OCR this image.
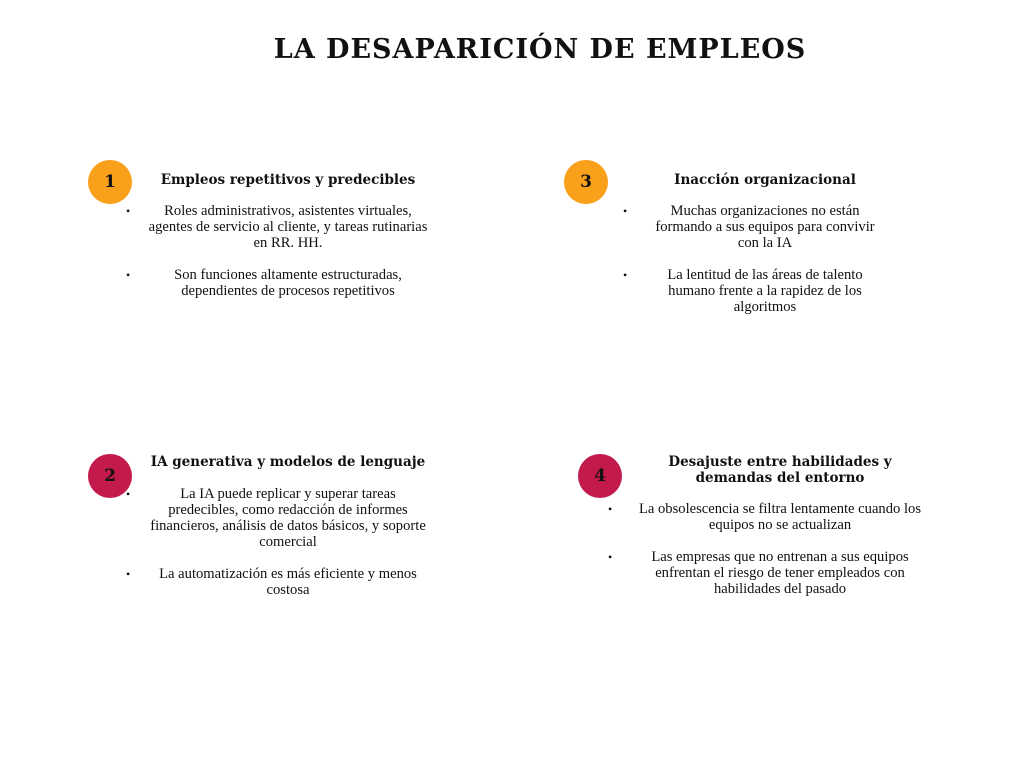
LA DESAPARICIÓN DE EMPLEOS
1	Empleos repetitivos y predecibles
• Roles administrativos, asistentes virtuales, agentes de servicio al cliente, y tareas rutinarias en RR. HH.
•	Son funciones altamente estructuradas, dependientes de procesos repetitivos
3	Inacción organizacional
•	Muchas organizaciones no están formando a sus equipos para convivir con la IA
•	La lentitud de las áreas de talento humano frente a la rapidez de los algoritmos
2
IA generativa y modelos de lenguaje
•	La IA puede replicar y superar tareas predecibles, como redacción de informes financieros, análisis de datos básicos, y soporte comercial
• La automatización es más eficiente y menos costosa
4
Desajuste entre habilidades y demandas del entorno
• La obsolescencia se filtra lentamente cuando los equipos no se actualizan
•	Las empresas que no entrenan a sus equipos enfrentan el riesgo de tener empleados con habilidades del pasado
